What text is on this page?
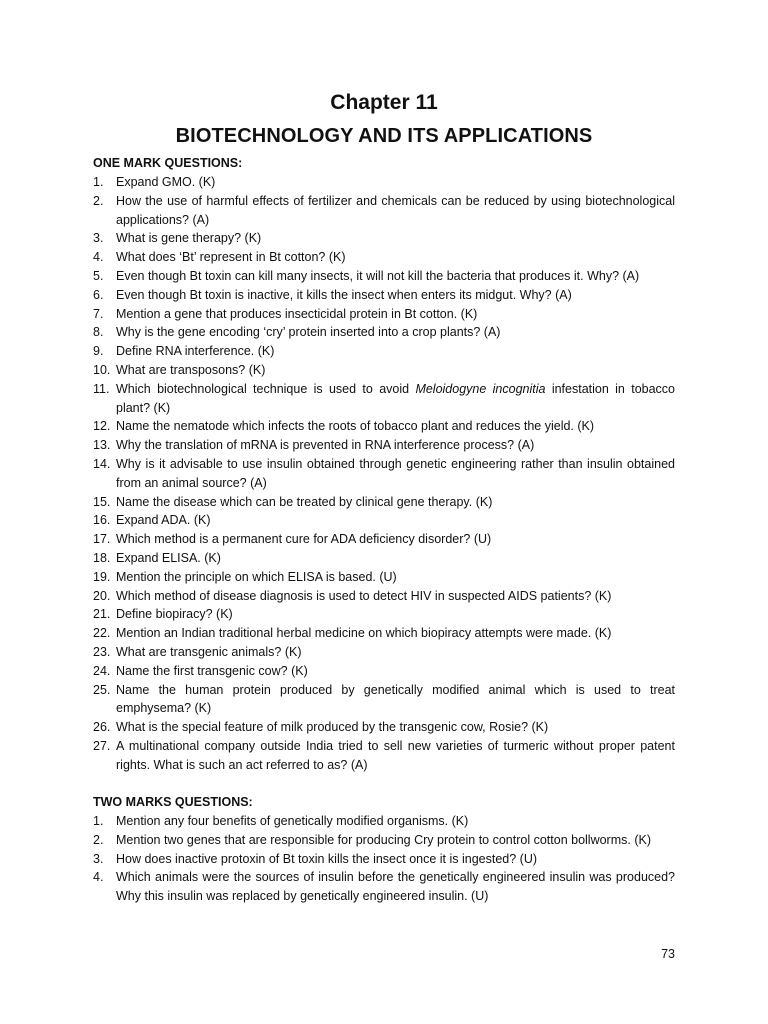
Chapter 11
BIOTECHNOLOGY AND ITS APPLICATIONS
ONE MARK QUESTIONS:
1. Expand GMO. (K)
2. How the use of harmful effects of fertilizer and chemicals can be reduced by using biotechnological applications? (A)
3. What is gene therapy? (K)
4. What does ‘Bt’ represent in Bt cotton? (K)
5. Even though Bt toxin can kill many insects, it will not kill the bacteria that produces it. Why? (A)
6. Even though Bt toxin is inactive, it kills the insect when enters its midgut. Why? (A)
7. Mention a gene that produces insecticidal protein in Bt cotton. (K)
8. Why is the gene encoding ‘cry’ protein inserted into a crop plants? (A)
9. Define RNA interference. (K)
10. What are transposons? (K)
11. Which biotechnological technique is used to avoid Meloidogyne incognitia infestation in tobacco plant? (K)
12. Name the nematode which infects the roots of tobacco plant and reduces the yield. (K)
13. Why the translation of mRNA is prevented in RNA interference process? (A)
14. Why is it advisable to use insulin obtained through genetic engineering rather than insulin obtained from an animal source? (A)
15. Name the disease which can be treated by clinical gene therapy. (K)
16. Expand ADA. (K)
17. Which method is a permanent cure for ADA deficiency disorder? (U)
18. Expand ELISA. (K)
19. Mention the principle on which ELISA is based. (U)
20. Which method of disease diagnosis is used to detect HIV in suspected AIDS patients? (K)
21. Define biopiracy? (K)
22. Mention an Indian traditional herbal medicine on which biopiracy attempts were made. (K)
23. What are transgenic animals? (K)
24. Name the first transgenic cow? (K)
25. Name the human protein produced by genetically modified animal which is used to treat emphysema? (K)
26. What is the special feature of milk produced by the transgenic cow, Rosie? (K)
27. A multinational company outside India tried to sell new varieties of turmeric without proper patent rights. What is such an act referred to as? (A)
TWO MARKS QUESTIONS:
1. Mention any four benefits of genetically modified organisms. (K)
2. Mention two genes that are responsible for producing Cry protein to control cotton bollworms. (K)
3. How does inactive protoxin of Bt toxin kills the insect once it is ingested? (U)
4. Which animals were the sources of insulin before the genetically engineered insulin was produced? Why this insulin was replaced by genetically engineered insulin. (U)
73
